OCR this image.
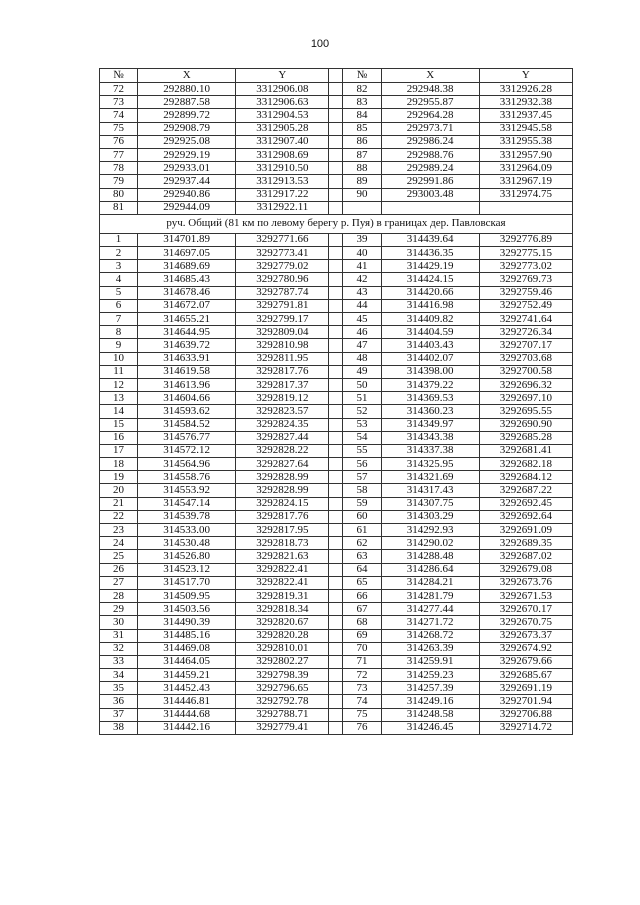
100
№	X	Y		№	X	Y
72	292880.10	3312906.08		82	292948.38	3312926.28
73	292887.58	3312906.63		83	292955.87	3312932.38
74	292899.72	3312904.53		84	292964.28	3312937.45
75	292908.79	3312905.28		85	292973.71	3312945.58
76	292925.08	3312907.40		86	292986.24	3312955.38
77	292929.19	3312908.69		87	292988.76	3312957.90
78	292933.01	3312910.50		88	292989.24	3312964.09
79	292937.44	3312913.53		89	292991.86	3312967.19
80	292940.86	3312917.22		90	293003.48	3312974.75
81	292944.09	3312922.11				
руч. Общий (81 км по левому берегу р. Пуя) в границах дер. Павловская						
1	314701.89	3292771.66		39	314439.64	3292776.89
2	314697.05	3292773.41		40	314436.35	3292775.15
3	314689.69	3292779.02		41	314429.19	3292773.02
4	314685.43	3292780.96		42	314424.15	3292769.73
5	314678.46	3292787.74		43	314420.66	3292759.46
6	314672.07	3292791.81		44	314416.98	3292752.49
7	314655.21	3292799.17		45	314409.82	3292741.64
8	314644.95	3292809.04		46	314404.59	3292726.34
9	314639.72	3292810.98		47	314403.43	3292707.17
10	314633.91	3292811.95		48	314402.07	3292703.68
11	314619.58	3292817.76		49	314398.00	3292700.58
12	314613.96	3292817.37		50	314379.22	3292696.32
13	314604.66	3292819.12		51	314369.53	3292697.10
14	314593.62	3292823.57		52	314360.23	3292695.55
15	314584.52	3292824.35		53	314349.97	3292690.90
16	314576.77	3292827.44		54	314343.38	3292685.28
17	314572.12	3292828.22		55	314337.38	3292681.41
18	314564.96	3292827.64		56	314325.95	3292682.18
19	314558.76	3292828.99		57	314321.69	3292684.12
20	314553.92	3292828.99		58	314317.43	3292687.22
21	314547.14	3292824.15		59	314307.75	3292692.45
22	314539.78	3292817.76		60	314303.29	3292692.64
23	314533.00	3292817.95		61	314292.93	3292691.09
24	314530.48	3292818.73		62	314290.02	3292689.35
25	314526.80	3292821.63		63	314288.48	3292687.02
26	314523.12	3292822.41		64	314286.64	3292679.08
27	314517.70	3292822.41		65	314284.21	3292673.76
28	314509.95	3292819.31		66	314281.79	3292671.53
29	314503.56	3292818.34		67	314277.44	3292670.17
30	314490.39	3292820.67		68	314271.72	3292670.75
31	314485.16	3292820.28		69	314268.72	3292673.37
32	314469.08	3292810.01		70	314263.39	3292674.92
33	314464.05	3292802.27		71	314259.91	3292679.66
34	314459.21	3292798.39		72	314259.23	3292685.67
35	314452.43	3292796.65		73	314257.39	3292691.19
36	314446.81	3292792.78		74	314249.16	3292701.94
37	314444.68	3292788.71		75	314248.58	3292706.88
38	314442.16	3292779.41		76	314246.45	3292714.72
